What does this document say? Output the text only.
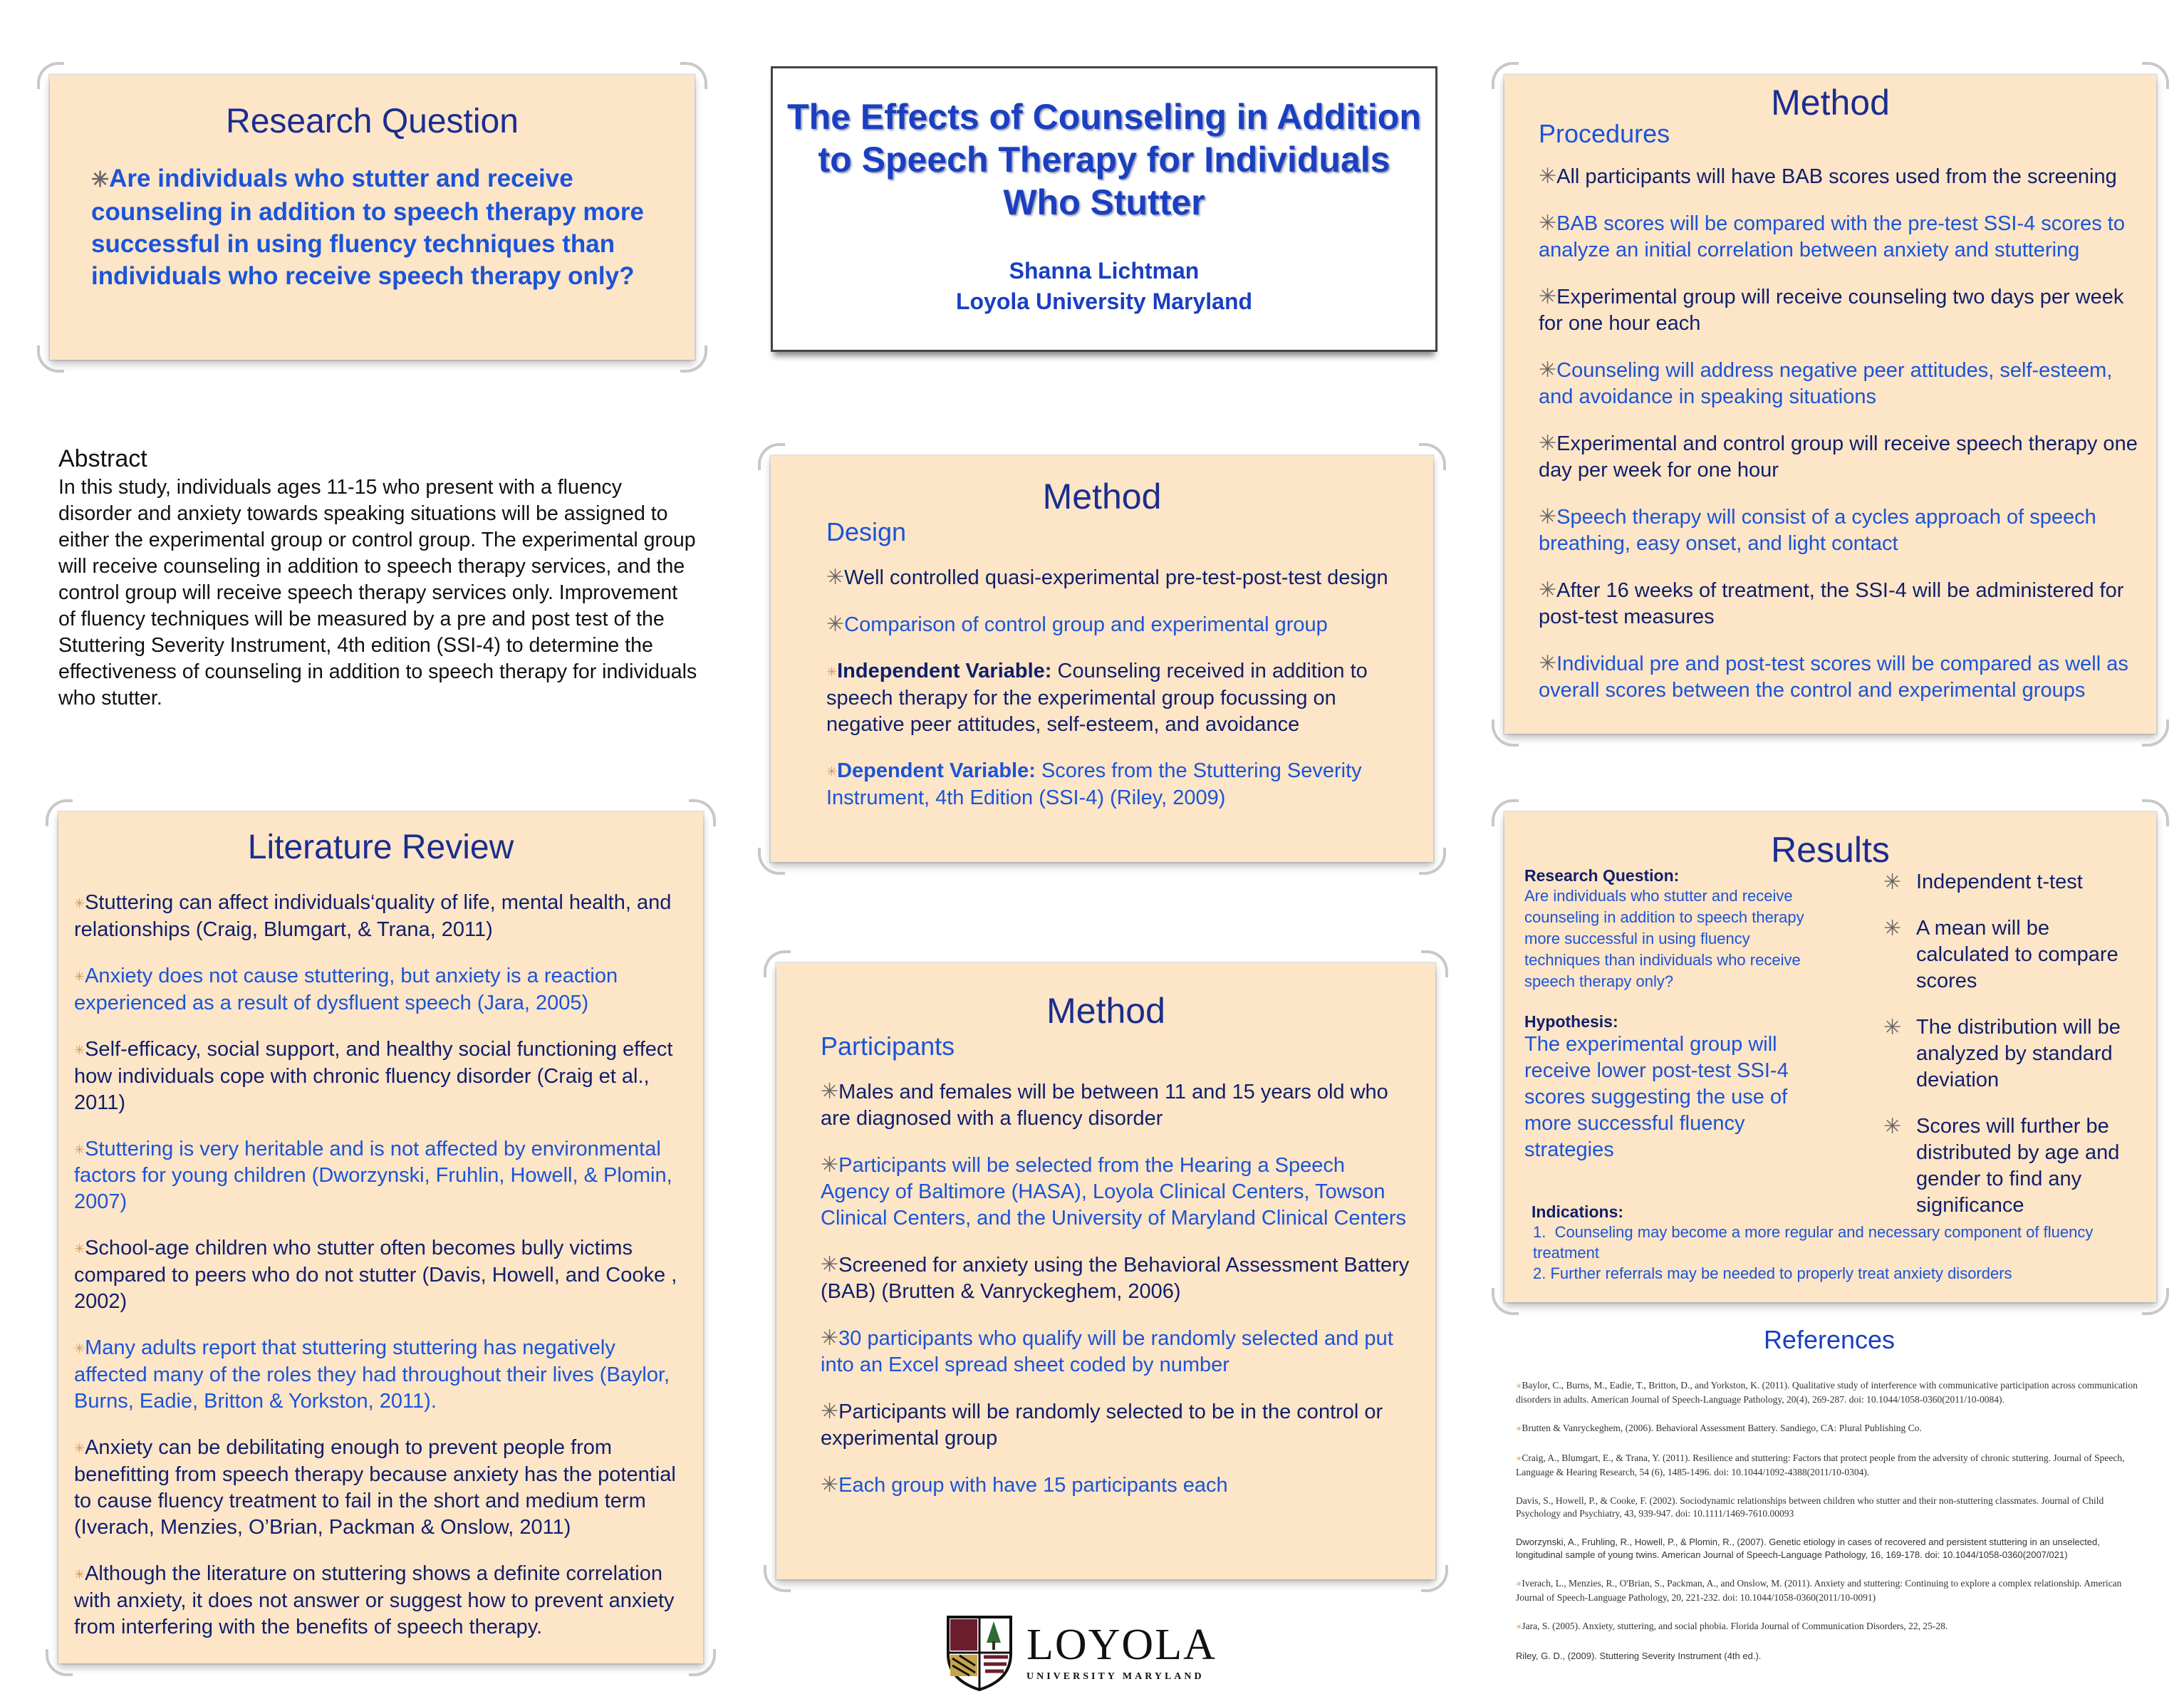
Research Question

✳Are individuals who stutter and receive counseling in addition to speech therapy more successful in using fluency techniques than individuals who receive speech therapy only?

The Effects of Counseling in Addition
to Speech Therapy for Individuals
Who Stutter
Shanna Lichtman
Loyola University Maryland
Abstract
In this study, individuals ages 11-15 who present with a fluency disorder and anxiety towards speaking situations will be assigned to either the experimental group or control group. The experimental group will receive counseling in addition to speech therapy services, and the control group will receive speech therapy services only. Improvement of fluency techniques will be measured by a pre and post test of the Stuttering Severity Instrument, 4th edition (SSI-4) to determine the effectiveness of counseling in addition to speech therapy for individuals who stutter.
Literature Review

✳Stuttering can affect individuals‘quality of life, mental health, and relationships (Craig, Blumgart, & Trana, 2011)

✳Anxiety does not cause stuttering, but anxiety is a reaction experienced as a result of dysfluent speech (Jara, 2005)

✳Self-efficacy, social support, and healthy social functioning effect how individuals cope with chronic fluency disorder (Craig et al., 2011)

✳Stuttering is very heritable and is not affected by environmental factors for young children (Dworzynski, Fruhlin, Howell, & Plomin, 2007)

✳School-age children who stutter often becomes bully victims compared to peers who do not stutter (Davis, Howell, and Cooke , 2002)

✳Many adults report that stuttering stuttering has negatively affected many of the roles they had throughout their lives (Baylor, Burns, Eadie, Britton & Yorkston, 2011).

✳Anxiety can be debilitating enough to prevent people from benefitting from speech therapy because anxiety has the potential to cause fluency treatment to fail in the short and medium term (Iverach, Menzies, O’Brian, Packman & Onslow, 2011)

✳Although the literature on stuttering shows a definite correlation with anxiety, it does not answer or suggest how to prevent anxiety from interfering with the benefits of speech therapy.

Method

Design

✳Well controlled quasi-experimental pre-test-post-test design

✳Comparison of control group and experimental group

✳Independent Variable: Counseling received in addition to speech therapy for the experimental group focussing on negative peer attitudes, self-esteem, and avoidance

✳Dependent Variable: Scores from the Stuttering Severity Instrument, 4th Edition (SSI-4) (Riley, 2009)

Method

Participants

✳Males and females will be between 11 and 15 years old who are diagnosed with a fluency disorder

✳Participants will be selected from the Hearing a Speech Agency of Baltimore (HASA), Loyola Clinical Centers, Towson Clinical Centers, and the University of Maryland Clinical Centers

✳Screened for anxiety using the Behavioral Assessment Battery (BAB) (Brutten & Vanryckeghem, 2006)

✳30 participants who qualify will be randomly selected and put into an Excel spread sheet coded by number

✳Participants will be randomly selected to be in the control or experimental group

✳Each group with have 15 participants each

Method

Procedures

✳All participants will have BAB scores used from the screening

✳BAB scores will be compared with the pre-test SSI-4 scores to analyze an initial correlation between anxiety and stuttering

✳Experimental group will receive counseling two days per week for one hour each

✳Counseling will address negative peer attitudes, self-esteem, and avoidance in speaking situations

✳Experimental and control group will receive speech therapy one day per week for one hour

✳Speech therapy will consist of a cycles approach of speech breathing, easy onset, and light contact

✳After 16 weeks of treatment, the SSI-4 will be administered for post-test measures

✳Individual pre and post-test scores will be compared as well as overall scores between the control and experimental groups

Results
Research Question:
Are individuals who stutter and receive counseling in addition to speech therapy more successful in using fluency techniques than individuals who receive speech therapy only?
Hypothesis:
The experimental group will receive lower post-test SSI-4 scores suggesting the use of more successful fluency strategies
✳ Independent t-test
✳ A mean will be calculated to compare scores
✳ The distribution will be analyzed by standard deviation
✳ Scores will further be distributed by age and gender to find any significance
Indications:
1.  Counseling may become a more regular and necessary component of fluency                treatment
2. Further referrals may be needed to properly treat anxiety disorders
References

✳Baylor, C., Burns, M., Eadie, T., Britton, D., and Yorkston, K. (2011). Qualitative study of interference with communicative participation across communication disorders in adults. American Journal of Speech-Language Pathology, 20(4), 269-287. doi: 10.1044/1058-0360(2011/10-0084).

✳Brutten & Vanryckeghem, (2006). Behavioral Assessment Battery. Sandiego, CA: Plural Publishing Co.

✳Craig, A., Blumgart, E., & Trana, Y. (2011). Resilience and stuttering: Factors that protect people from the adversity of chronic stuttering. Journal of Speech, Language & Hearing Research, 54 (6), 1485-1496. doi: 10.1044/1092-4388(2011/10-0304).

Davis, S., Howell, P., & Cooke, F. (2002). Sociodynamic relationships between children who stutter and their non-stuttering classmates. Journal of Child Psychology and Psychiatry, 43, 939-947. doi: 10.1111/1469-7610.00093

Dworzynski, A., Fruhling, R., Howell, P., & Plomin, R., (2007). Genetic etiology in cases of recovered and persistent stuttering in an unselected, longitudinal sample of young twins. American Journal of Speech-Language Pathology, 16, 169-178. doi: 10.1044/1058-0360(2007/021)

✳Iverach, L., Menzies, R., O'Brian, S., Packman, A., and Onslow, M. (2011). Anxiety and stuttering: Continuing to explore a complex relationship. American Journal of Speech-Language Pathology, 20, 221-232. doi: 10.1044/1058-0360(2011/10-0091)

✳Jara, S. (2005). Anxiety, stuttering, and social phobia. Florida Journal of Communication Disorders, 22, 25-28.

Riley, G. D., (2009). Stuttering Severity Instrument (4th ed.).

LOYOLA
UNIVERSITY MARYLAND
